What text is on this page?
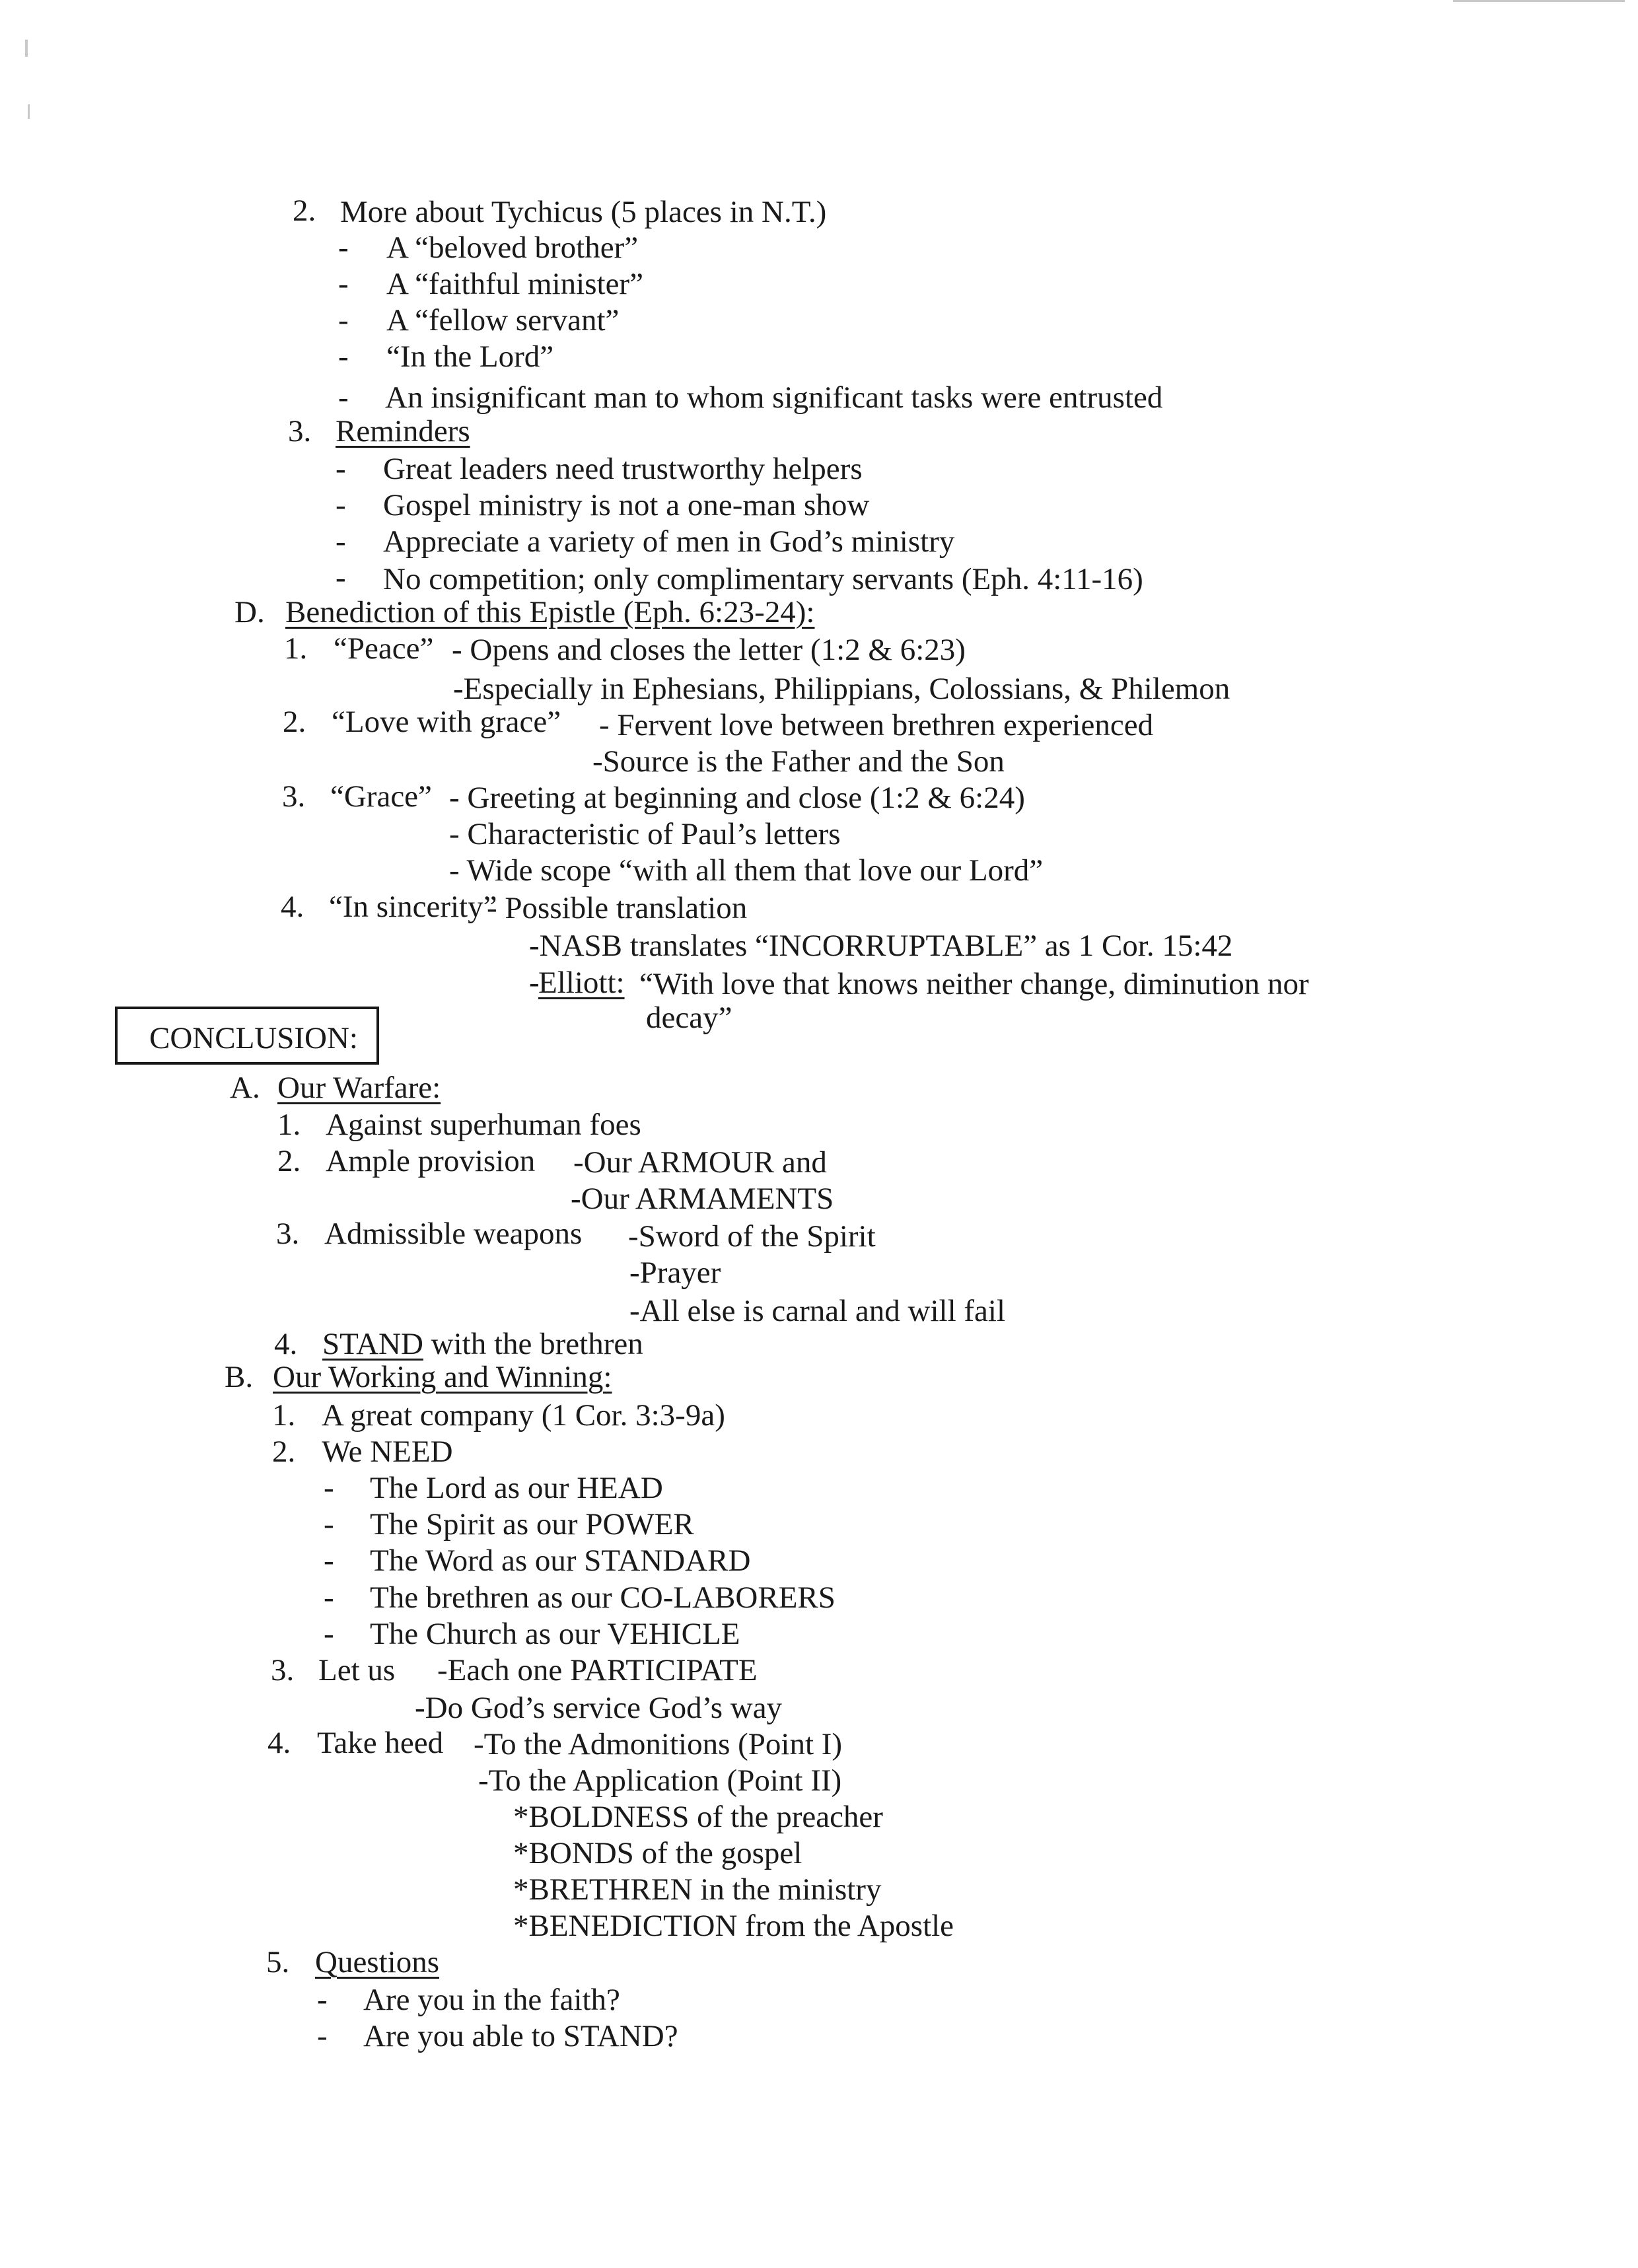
2. More about Tychicus (5 places in N.T.)
- A “beloved brother”
- A “faithful minister”
- A “fellow servant”
- “In the Lord”
- An insignificant man to whom significant tasks were entrusted
3. Reminders
- Great leaders need trustworthy helpers
- Gospel ministry is not a one-man show
- Appreciate a variety of men in God’s ministry
- No competition; only complimentary servants (Eph. 4:11-16)
D. Benediction of this Epistle (Eph. 6:23-24):
1. “Peace” - Opens and closes the letter (1:2 & 6:23)
-Especially in Ephesians, Philippians, Colossians, & Philemon
2. “Love with grace” - Fervent love between brethren experienced
-Source is the Father and the Son
3. “Grace” - Greeting at beginning and close (1:2 & 6:24)
- Characteristic of Paul’s letters
- Wide scope “with all them that love our Lord”
4. “In sincerity”
- Possible translation
-NASB translates “INCORRUPTABLE” as 1 Cor. 15:42
-
Elliott: “With love that knows neither change, diminution nor
decay”
CONCLUSION:
A. Our Warfare:
1. Against superhuman foes
2. Ample provision -Our ARMOUR and
-Our ARMAMENTS
3. Admissible weapons -Sword of the Spirit
-Prayer
-All else is carnal and will fail
4. STAND with the brethren
B. Our Working and Winning:
1. A great company (1 Cor. 3:3-9a)
2. We NEED
- The Lord as our HEAD
- The Spirit as our POWER
- The Word as our STANDARD
- The brethren as our CO-LABORERS
- The Church as our VEHICLE
3. Let us -Each one PARTICIPATE
-Do God’s service God’s way
4. Take heed -To the Admonitions (Point I)
-To the Application (Point II)
*BOLDNESS of the preacher
*BONDS of the gospel
*BRETHREN in the ministry
*BENEDICTION from the Apostle
5. Questions
- Are you in the faith?
- Are you able to STAND?
